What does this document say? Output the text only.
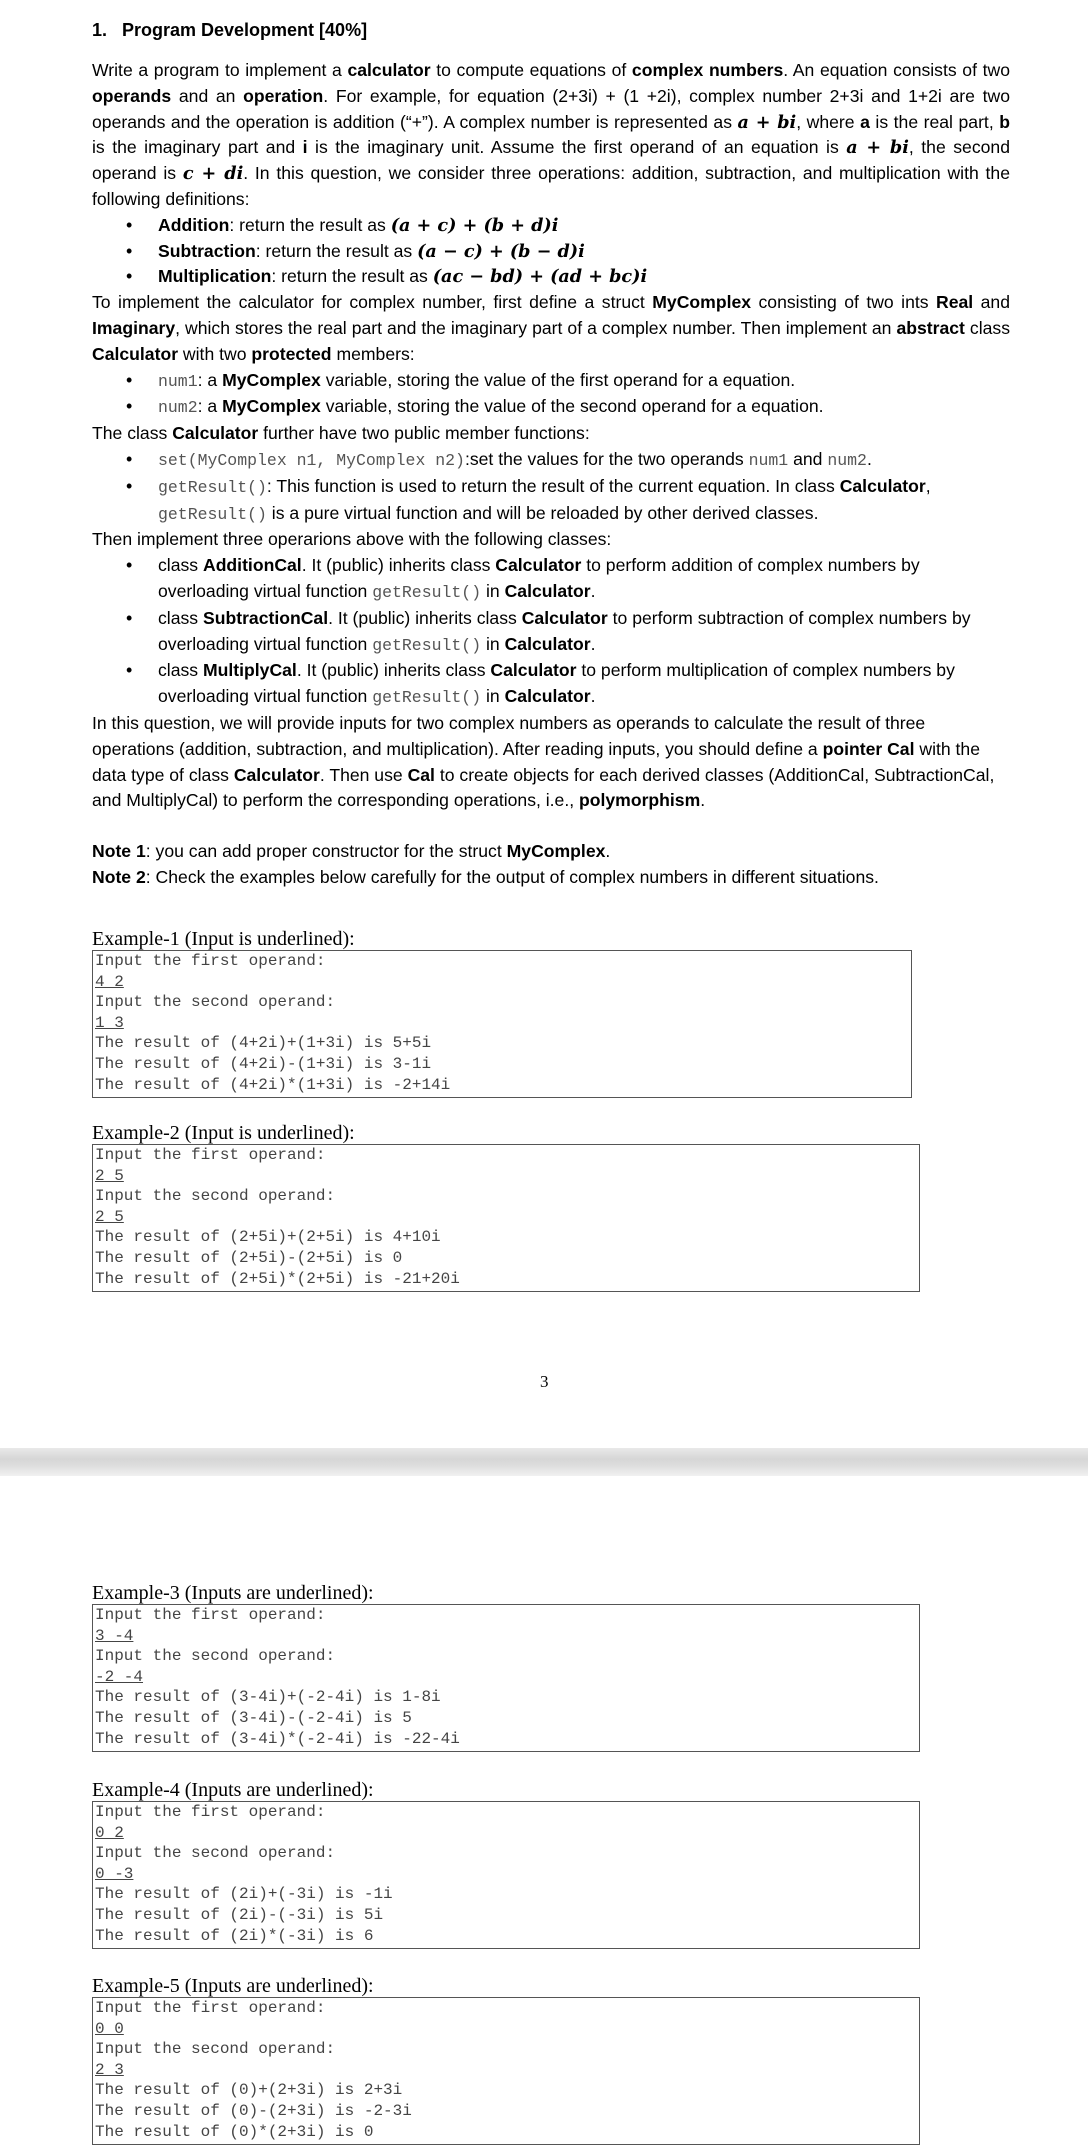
1. Program Development [40%]

Write a program to implement a calculator to compute equations of complex numbers. An equation consists of two operands and an operation. For example, for equation (2+3i) + (1 +2i), complex number 2+3i and 1+2i are two operands and the operation is addition (“+”). A complex number is represented as a + bi, where a is the real part, b is the imaginary part and i is the imaginary unit. Assume the first operand of an equation is a + bi, the second operand is c + di. In this question, we consider three operations: addition, subtraction, and multiplication with the following definitions:

• Addition: return the result as (a + c) + (b + d)i
• Subtraction: return the result as (a − c) + (b − d)i
• Multiplication: return the result as (ac − bd) + (ad + bc)i

To implement the calculator for complex number, first define a struct MyComplex consisting of two ints Real and Imaginary, which stores the real part and the imaginary part of a complex number. Then implement an abstract class Calculator with two protected members:

• num1: a MyComplex variable, storing the value of the first operand for a equation.
• num2: a MyComplex variable, storing the value of the second operand for a equation.

The class Calculator further have two public member functions:

• set(MyComplex n1, MyComplex n2):set the values for the two operands num1 and num2.
• getResult(): This function is used to return the result of the current equation. In class Calculator,
getResult() is a pure virtual function and will be reloaded by other derived classes.

Then implement three operarions above with the following classes:

• class AdditionCal. It (public) inherits class Calculator to perform addition of complex numbers by overloading virtual function getResult() in Calculator.
• class SubtractionCal. It (public) inherits class Calculator to perform subtraction of complex numbers by overloading virtual function getResult() in Calculator.
• class MultiplyCal. It (public) inherits class Calculator to perform multiplication of complex numbers by overloading virtual function getResult() in Calculator.

In this question, we will provide inputs for two complex numbers as operands to calculate the result of three operations (addition, subtraction, and multiplication). After reading inputs, you should define a pointer Cal with the data type of class Calculator. Then use Cal to create objects for each derived classes (AdditionCal, SubtractionCal, and MultiplyCal) to perform the corresponding operations, i.e., polymorphism.

Note 1: you can add proper constructor for the struct MyComplex.

Note 2: Check the examples below carefully for the output of complex numbers in different situations.

Example-1 (Input is underlined):
Input the first operand:
4 2
Input the second operand:
1 3
The result of (4+2i)+(1+3i) is 5+5i
The result of (4+2i)-(1+3i) is 3-1i
The result of (4+2i)*(1+3i) is -2+14i
Example-2 (Input is underlined):
Input the first operand:
2 5
Input the second operand:
2 5
The result of (2+5i)+(2+5i) is 4+10i
The result of (2+5i)-(2+5i) is 0
The result of (2+5i)*(2+5i) is -21+20i
3
Example-3 (Inputs are underlined):
Input the first operand:
3 -4
Input the second operand:
-2 -4
The result of (3-4i)+(-2-4i) is 1-8i
The result of (3-4i)-(-2-4i) is 5
The result of (3-4i)*(-2-4i) is -22-4i
Example-4 (Inputs are underlined):
Input the first operand:
0 2
Input the second operand:
0 -3
The result of (2i)+(-3i) is -1i
The result of (2i)-(-3i) is 5i
The result of (2i)*(-3i) is 6
Example-5 (Inputs are underlined):
Input the first operand:
0 0
Input the second operand:
2 3
The result of (0)+(2+3i) is 2+3i
The result of (0)-(2+3i) is -2-3i
The result of (0)*(2+3i) is 0
